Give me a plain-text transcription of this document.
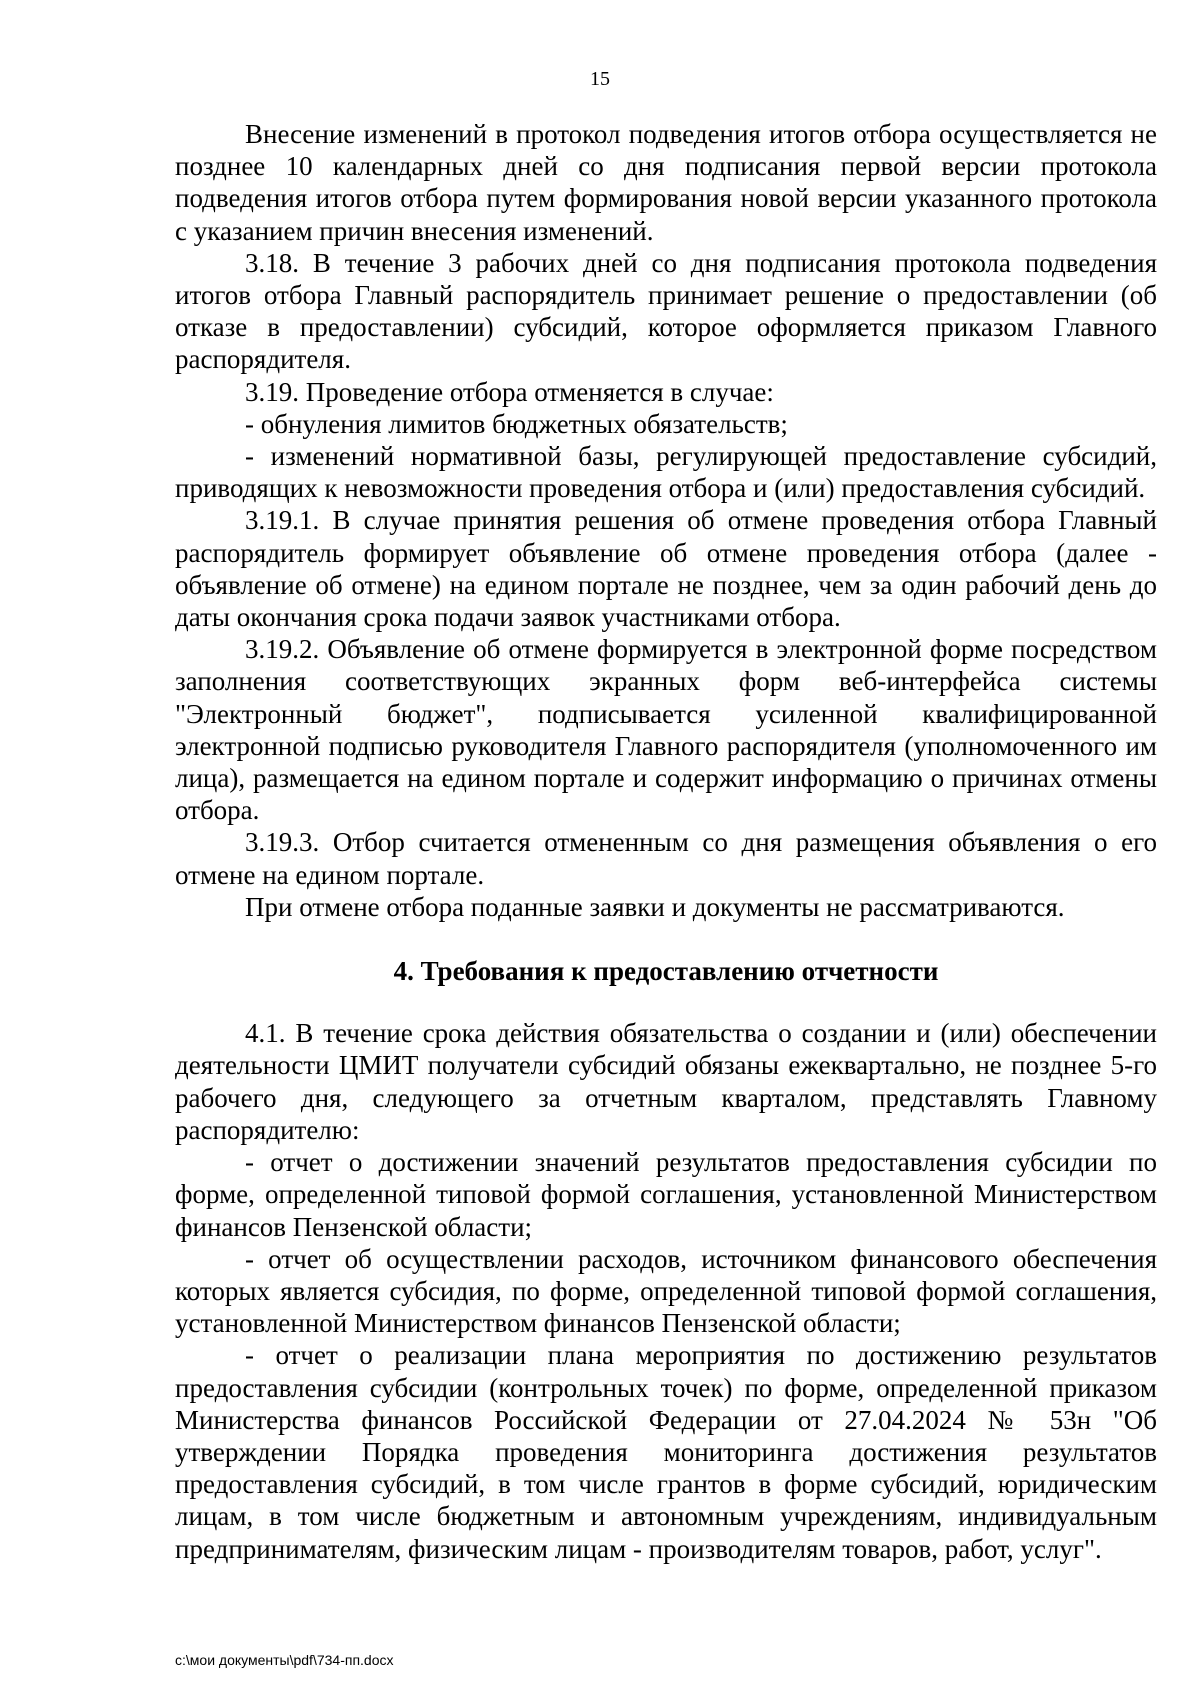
15

Внесение изменений в протокол подведения итогов отбора осуществляется не позднее 10 календарных дней со дня подписания первой версии протокола подведения итогов отбора путем формирования новой версии указанного протокола с указанием причин внесения изменений.

3.18. В течение 3 рабочих дней со дня подписания протокола подведения итогов отбора Главный распорядитель принимает решение о предоставлении (об отказе в предоставлении) субсидий, которое оформляется приказом Главного распорядителя.

3.19. Проведение отбора отменяется в случае:

- обнуления лимитов бюджетных обязательств;

- изменений нормативной базы, регулирующей предоставление субсидий, приводящих к невозможности проведения отбора и (или) предоставления субсидий.

3.19.1. В случае принятия решения об отмене проведения отбора Главный распорядитель формирует объявление об отмене проведения отбора (далее - объявление об отмене) на едином портале не позднее, чем за один рабочий день до даты окончания срока подачи заявок участниками отбора.

3.19.2. Объявление об отмене формируется в электронной форме посредством заполнения соответствующих экранных форм веб-интерфейса системы "Электронный бюджет", подписывается усиленной квалифицированной электронной подписью руководителя Главного распорядителя (уполномоченного им лица), размещается на едином портале и содержит информацию о причинах отмены отбора.

3.19.3. Отбор считается отмененным со дня размещения объявления о его отмене на едином портале.

При отмене отбора поданные заявки и документы не рассматриваются.

4. Требования к предоставлению отчетности

4.1. В течение срока действия обязательства о создании и (или) обеспечении деятельности ЦМИТ получатели субсидий обязаны ежеквартально, не позднее 5-го рабочего дня, следующего за отчетным кварталом, представлять Главному распорядителю:

- отчет о достижении значений результатов предоставления субсидии по форме, определенной типовой формой соглашения, установленной Министерством финансов Пензенской области;

- отчет об осуществлении расходов, источником финансового обеспечения которых является субсидия, по форме, определенной типовой формой соглашения, установленной Министерством финансов Пензенской области;

- отчет о реализации плана мероприятия по достижению результатов предоставления субсидии (контрольных точек) по форме, определенной приказом Министерства финансов Российской Федерации от 27.04.2024 № 53н "Об утверждении Порядка проведения мониторинга достижения результатов предоставления субсидий, в том числе грантов в форме субсидий, юридическим лицам, в том числе бюджетным и автономным учреждениям, индивидуальным предпринимателям, физическим лицам - производителям товаров, работ, услуг".

c:\мои документы\pdf\734-пп.docx
